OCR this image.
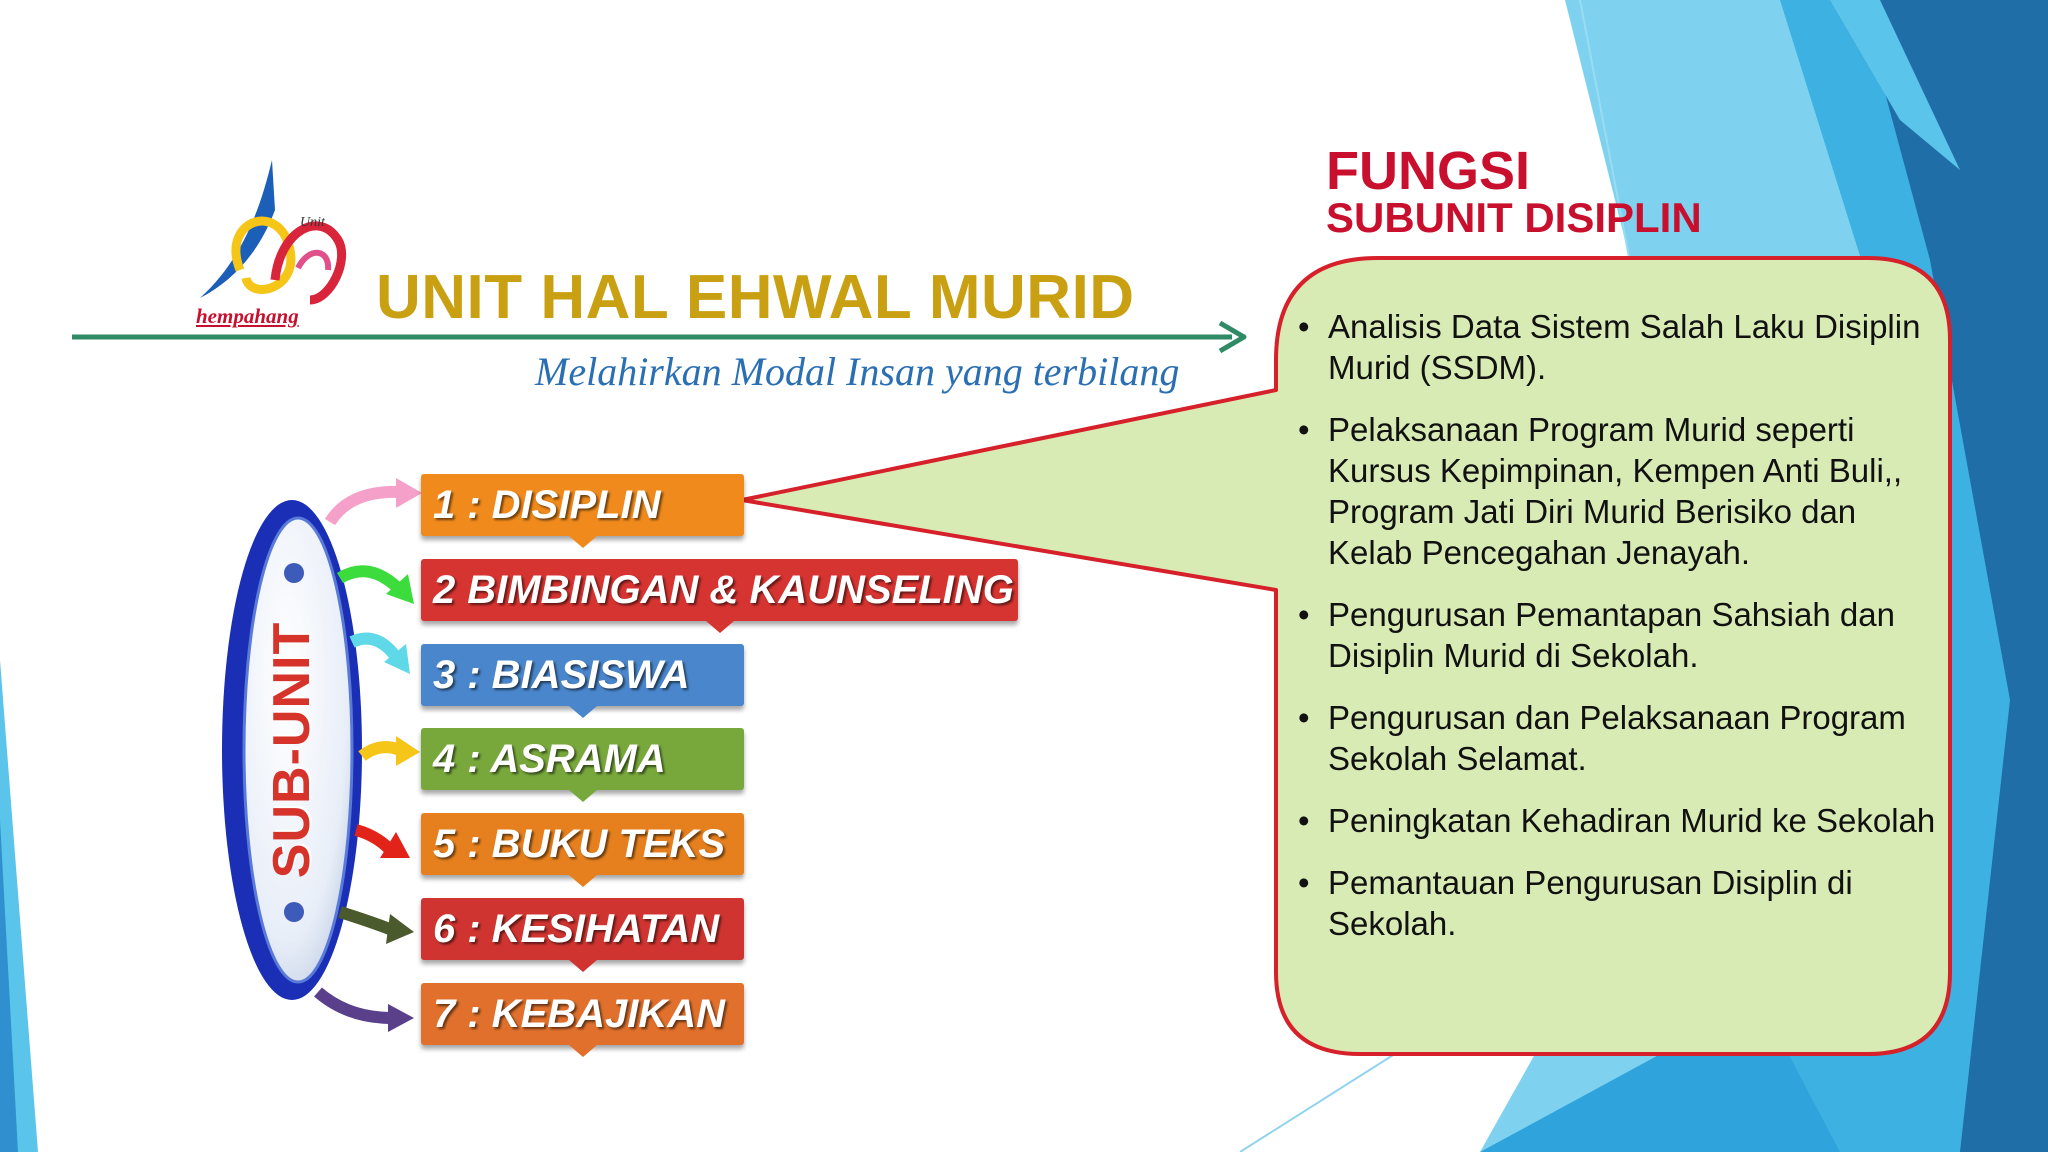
Unit
hempahang UNIT HAL EHWAL MURID
Melahirkan Modal Insan yang terbilang
FUNGSI
SUBUNIT DISIPLIN
• Analisis Data Sistem Salah Laku Disiplin Murid (SSDM).
• Pelaksanaan Program Murid seperti Kursus Kepimpinan, Kempen Anti Buli,, Program Jati Diri Murid Berisiko dan Kelab Pencegahan Jenayah.
• Pengurusan Pemantapan Sahsiah dan Disiplin Murid di Sekolah.
• Pengurusan dan Pelaksanaan Program Sekolah Selamat.
• Peningkatan Kehadiran Murid ke Sekolah
• Pemantauan Pengurusan Disiplin di Sekolah.
SUB-UNIT
1 : DISIPLIN
2 BIMBINGAN & KAUNSELING
3 : BIASISWA
4 : ASRAMA
5 : BUKU TEKS
6 : KESIHATAN
7 : KEBAJIKAN
